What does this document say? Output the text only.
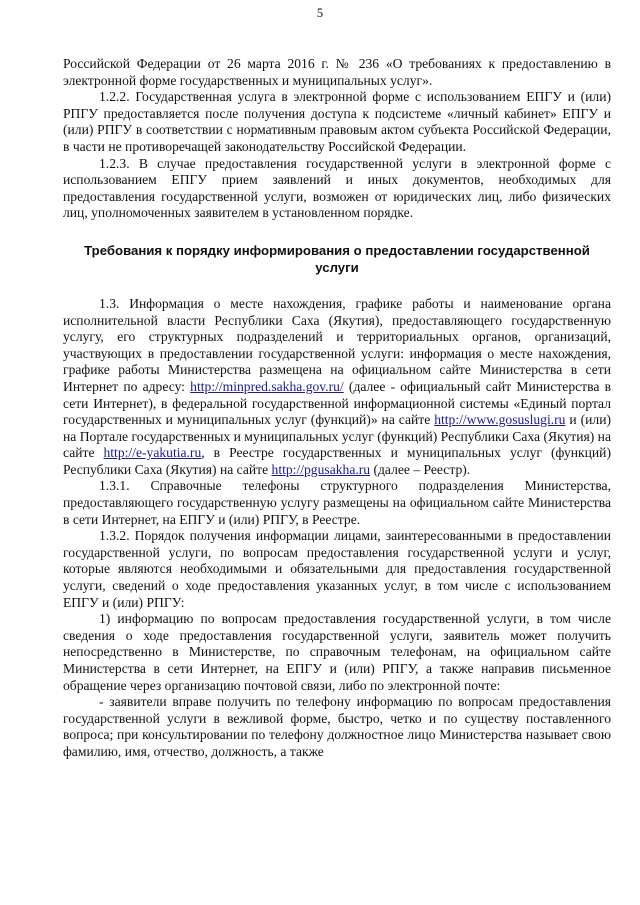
5

Российской Федерации от 26 марта 2016 г. № 236 «О требованиях к предоставлению в электронной форме государственных и муниципальных услуг».

1.2.2. Государственная услуга в электронной форме с использованием ЕПГУ и (или) РПГУ предоставляется после получения доступа к подсистеме «личный кабинет» ЕПГУ и (или) РПГУ в соответствии с нормативным правовым актом субъекта Российской Федерации, в части не противоречащей законодательству Российской Федерации.

1.2.3. В случае предоставления государственной услуги в электронной форме с использованием ЕПГУ прием заявлений и иных документов, необходимых для предоставления государственной услуги, возможен от юридических лиц, либо физических лиц, уполномоченных заявителем в установленном порядке.

Требования к порядку информирования о предоставлении государственной услуги

1.3. Информация о месте нахождения, графике работы и наименование органа исполнительной власти Республики Саха (Якутия), предоставляющего государственную услугу, его структурных подразделений и территориальных органов, организаций, участвующих в предоставлении государственной услуги: информация о месте нахождения, графике работы Министерства размещена на официальном сайте Министерства в сети Интернет по адресу: http://minpred.sakha.gov.ru/ (далее - официальный сайт Министерства в сети Интернет), в федеральной государственной информационной системы «Единый портал государственных и муниципальных услуг (функций)» на сайте http://www.gosuslugi.ru и (или) на Портале государственных и муниципальных услуг (функций) Республики Саха (Якутия) на сайте http://e-yakutia.ru, в Реестре государственных и муниципальных услуг (функций) Республики Саха (Якутия) на сайте http://pgusakha.ru (далее – Реестр).

1.3.1. Справочные телефоны структурного подразделения Министерства, предоставляющего государственную услугу размещены на официальном сайте Министерства в сети Интернет, на ЕПГУ и (или) РПГУ, в Реестре.

1.3.2. Порядок получения информации лицами, заинтересованными в предоставлении государственной услуги, по вопросам предоставления государственной услуги и услуг, которые являются необходимыми и обязательными для предоставления государственной услуги, сведений о ходе предоставления указанных услуг, в том числе с использованием ЕПГУ и (или) РПГУ:

1) информацию по вопросам предоставления государственной услуги, в том числе сведения о ходе предоставления государственной услуги, заявитель может получить непосредственно в Министерстве, по справочным телефонам, на официальном сайте Министерства в сети Интернет, на ЕПГУ и (или) РПГУ, а также направив письменное обращение через организацию почтовой связи, либо по электронной почте:

- заявители вправе получить по телефону информацию по вопросам предоставления государственной услуги в вежливой форме, быстро, четко и по существу поставленного вопроса; при консультировании по телефону должностное лицо Министерства называет свою фамилию, имя, отчество, должность, а также
